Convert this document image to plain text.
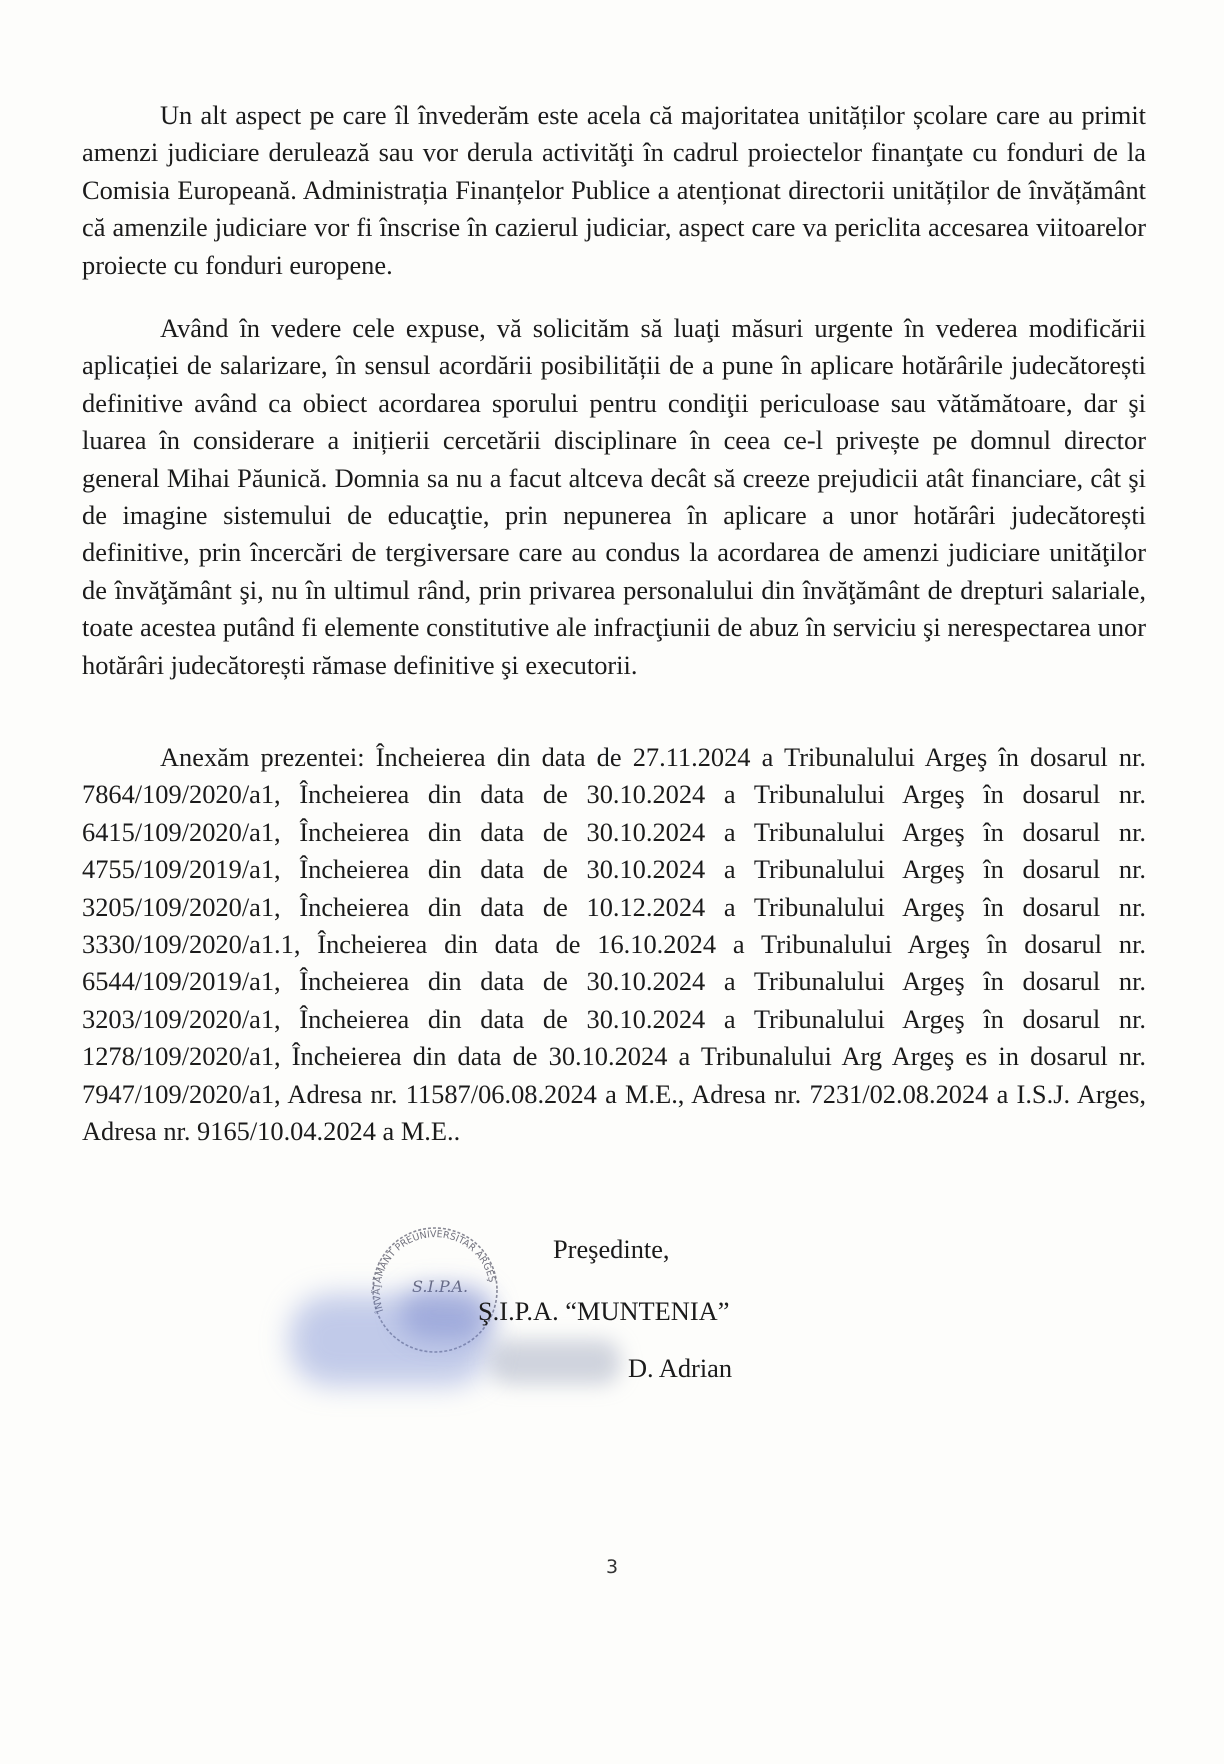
Un alt aspect pe care îl învederăm este acela că majoritatea unităților școlare care au primit amenzi judiciare derulează sau vor derula activităţi în cadrul proiectelor finanţate cu fonduri de la Comisia Europeană. Administrația Finanțelor Publice a atenționat directorii unităților de învățământ că amenzile judiciare vor fi înscrise în cazierul judiciar, aspect care va periclita accesarea viitoarelor proiecte cu fonduri europene.

Având în vedere cele expuse, vă solicităm să luaţi măsuri urgente în vederea modificării aplicației de salarizare, în sensul acordării posibilității de a pune în aplicare hotărârile judecătorești definitive având ca obiect acordarea sporului pentru condiţii periculoase sau vătămătoare, dar şi luarea în considerare a inițierii cercetării disciplinare în ceea ce-l privește pe domnul director general Mihai Păunică. Domnia sa nu a facut altceva decât să creeze prejudicii atât financiare, cât şi de imagine sistemului de educaţtie, prin nepunerea în aplicare a unor hotărâri judecătorești definitive, prin încercări de tergiversare care au condus la acordarea de amenzi judiciare unităţilor de învăţământ şi, nu în ultimul rând, prin privarea personalului din învăţământ de drepturi salariale, toate acestea putând fi elemente constitutive ale infracţiunii de abuz în serviciu şi nerespectarea unor hotărâri judecătorești rămase definitive şi executorii.

Anexăm prezentei: Încheierea din data de 27.11.2024 a Tribunalului Argeş în dosarul nr. 7864/109/2020/a1, Încheierea din data de 30.10.2024 a Tribunalului Argeş în dosarul nr. 6415/109/2020/a1, Încheierea din data de 30.10.2024 a Tribunalului Argeş în dosarul nr. 4755/109/2019/a1, Încheierea din data de 30.10.2024 a Tribunalului Argeş în dosarul nr. 3205/109/2020/a1, Încheierea din data de 10.12.2024 a Tribunalului Argeş în dosarul nr. 3330/109/2020/a1.1, Încheierea din data de 16.10.2024 a Tribunalului Argeş în dosarul nr. 6544/109/2019/a1, Încheierea din data de 30.10.2024 a Tribunalului Argeş în dosarul nr. 3203/109/2020/a1, Încheierea din data de 30.10.2024 a Tribunalului Argeş în dosarul nr. 1278/109/2020/a1, Încheierea din data de 30.10.2024 a Tribunalului Arg Argeş es in dosarul nr. 7947/109/2020/a1, Adresa nr. 11587/06.08.2024 a M.E., Adresa nr. 7231/02.08.2024 a I.S.J. Arges, Adresa nr. 9165/10.04.2024 a M.E..

ÎNVĂŢĂMÂNT PREUNIVERSITAR ARGEŞ
S.I.P.A.
Preşedinte,
Ş.I.P.A. “MUNTENIA”
D. Adrian
3
